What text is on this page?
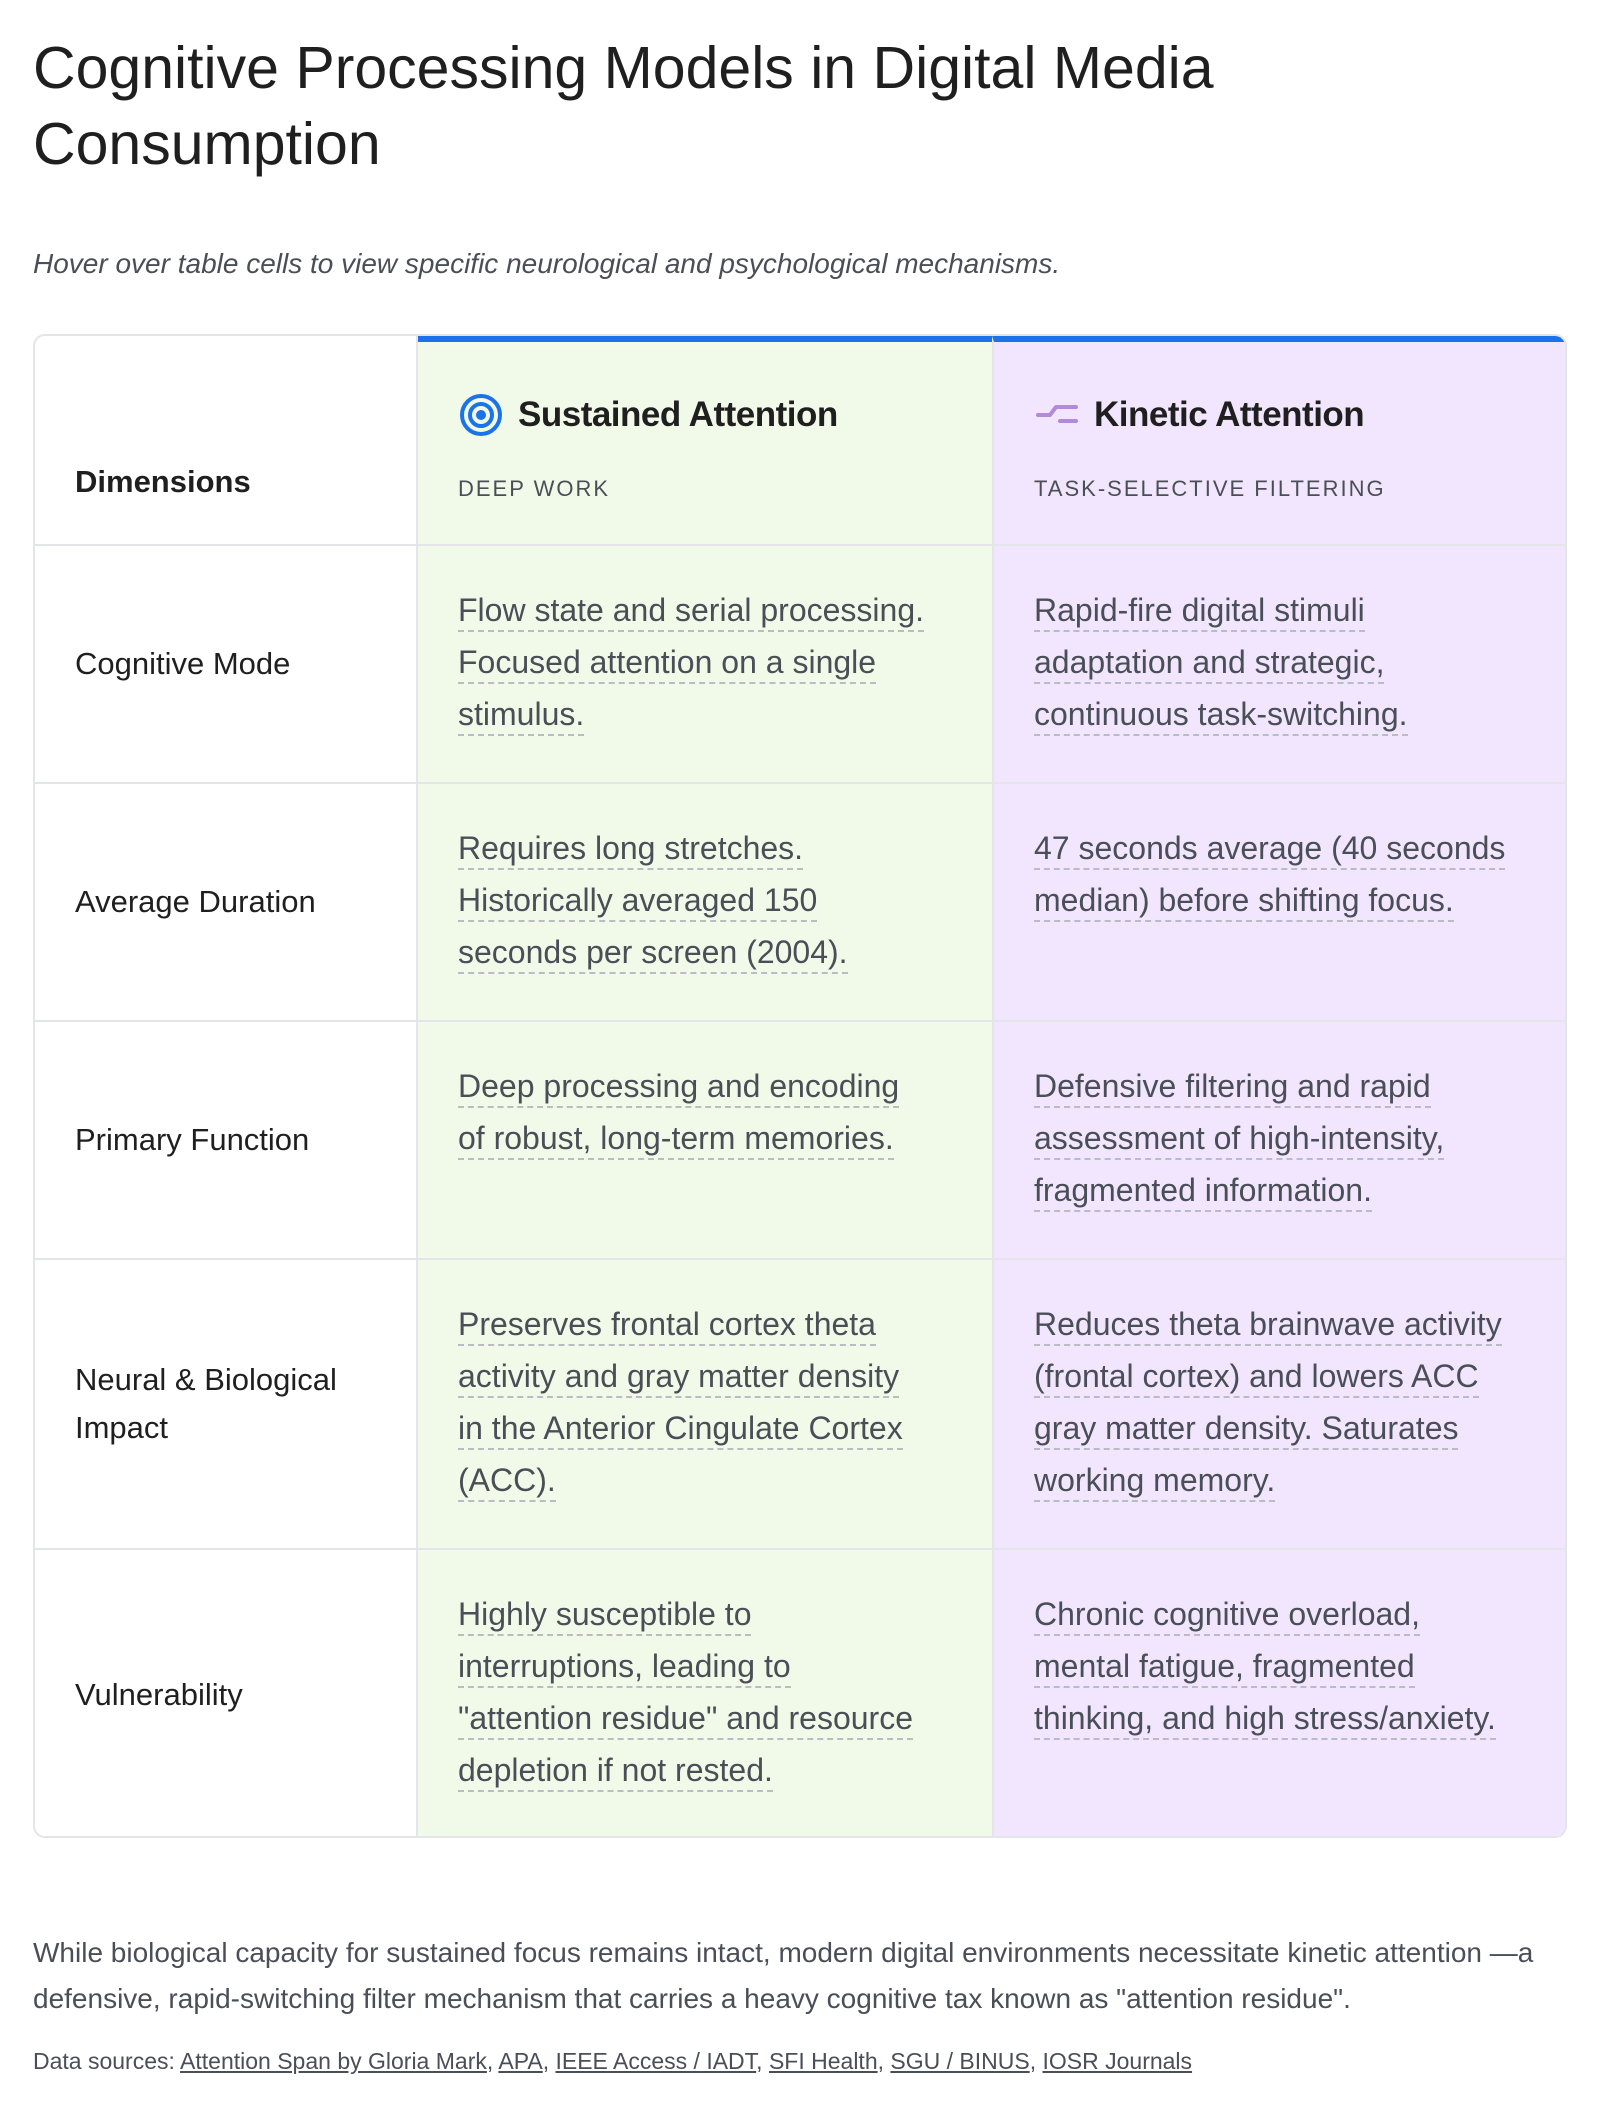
Cognitive Processing Models in Digital Media Consumption

Hover over table cells to view specific neurological and psychological mechanisms.

Dimensions
Sustained Attention
DEEP WORK
Kinetic Attention
TASK-SELECTIVE FILTERING
Cognitive Mode
Flow state and serial processing.
Focused attention on a single
stimulus.
Rapid-fire digital stimuli
adaptation and strategic,
continuous task-switching.
Average Duration
Requires long stretches.
Historically averaged 150
seconds per screen (2004).
47 seconds average (40 seconds
median) before shifting focus.
Primary Function
Deep processing and encoding
of robust, long-term memories.
Defensive filtering and rapid
assessment of high-intensity,
fragmented information.
Neural & Biological Impact
Preserves frontal cortex theta
activity and gray matter density
in the Anterior Cingulate Cortex
(ACC).
Reduces theta brainwave activity
(frontal cortex) and lowers ACC
gray matter density. Saturates
working memory.
Vulnerability
Highly susceptible to
interruptions, leading to
"attention residue" and resource
depletion if not rested.
Chronic cognitive overload,
mental fatigue, fragmented
thinking, and high stress/anxiety.

While biological capacity for sustained focus remains intact, modern digital environments necessitate kinetic attention —a defensive, rapid-switching filter mechanism that carries a heavy cognitive tax known as "attention residue".

Data sources: Attention Span by Gloria Mark, APA, IEEE Access / IADT, SFI Health, SGU / BINUS, IOSR Journals
